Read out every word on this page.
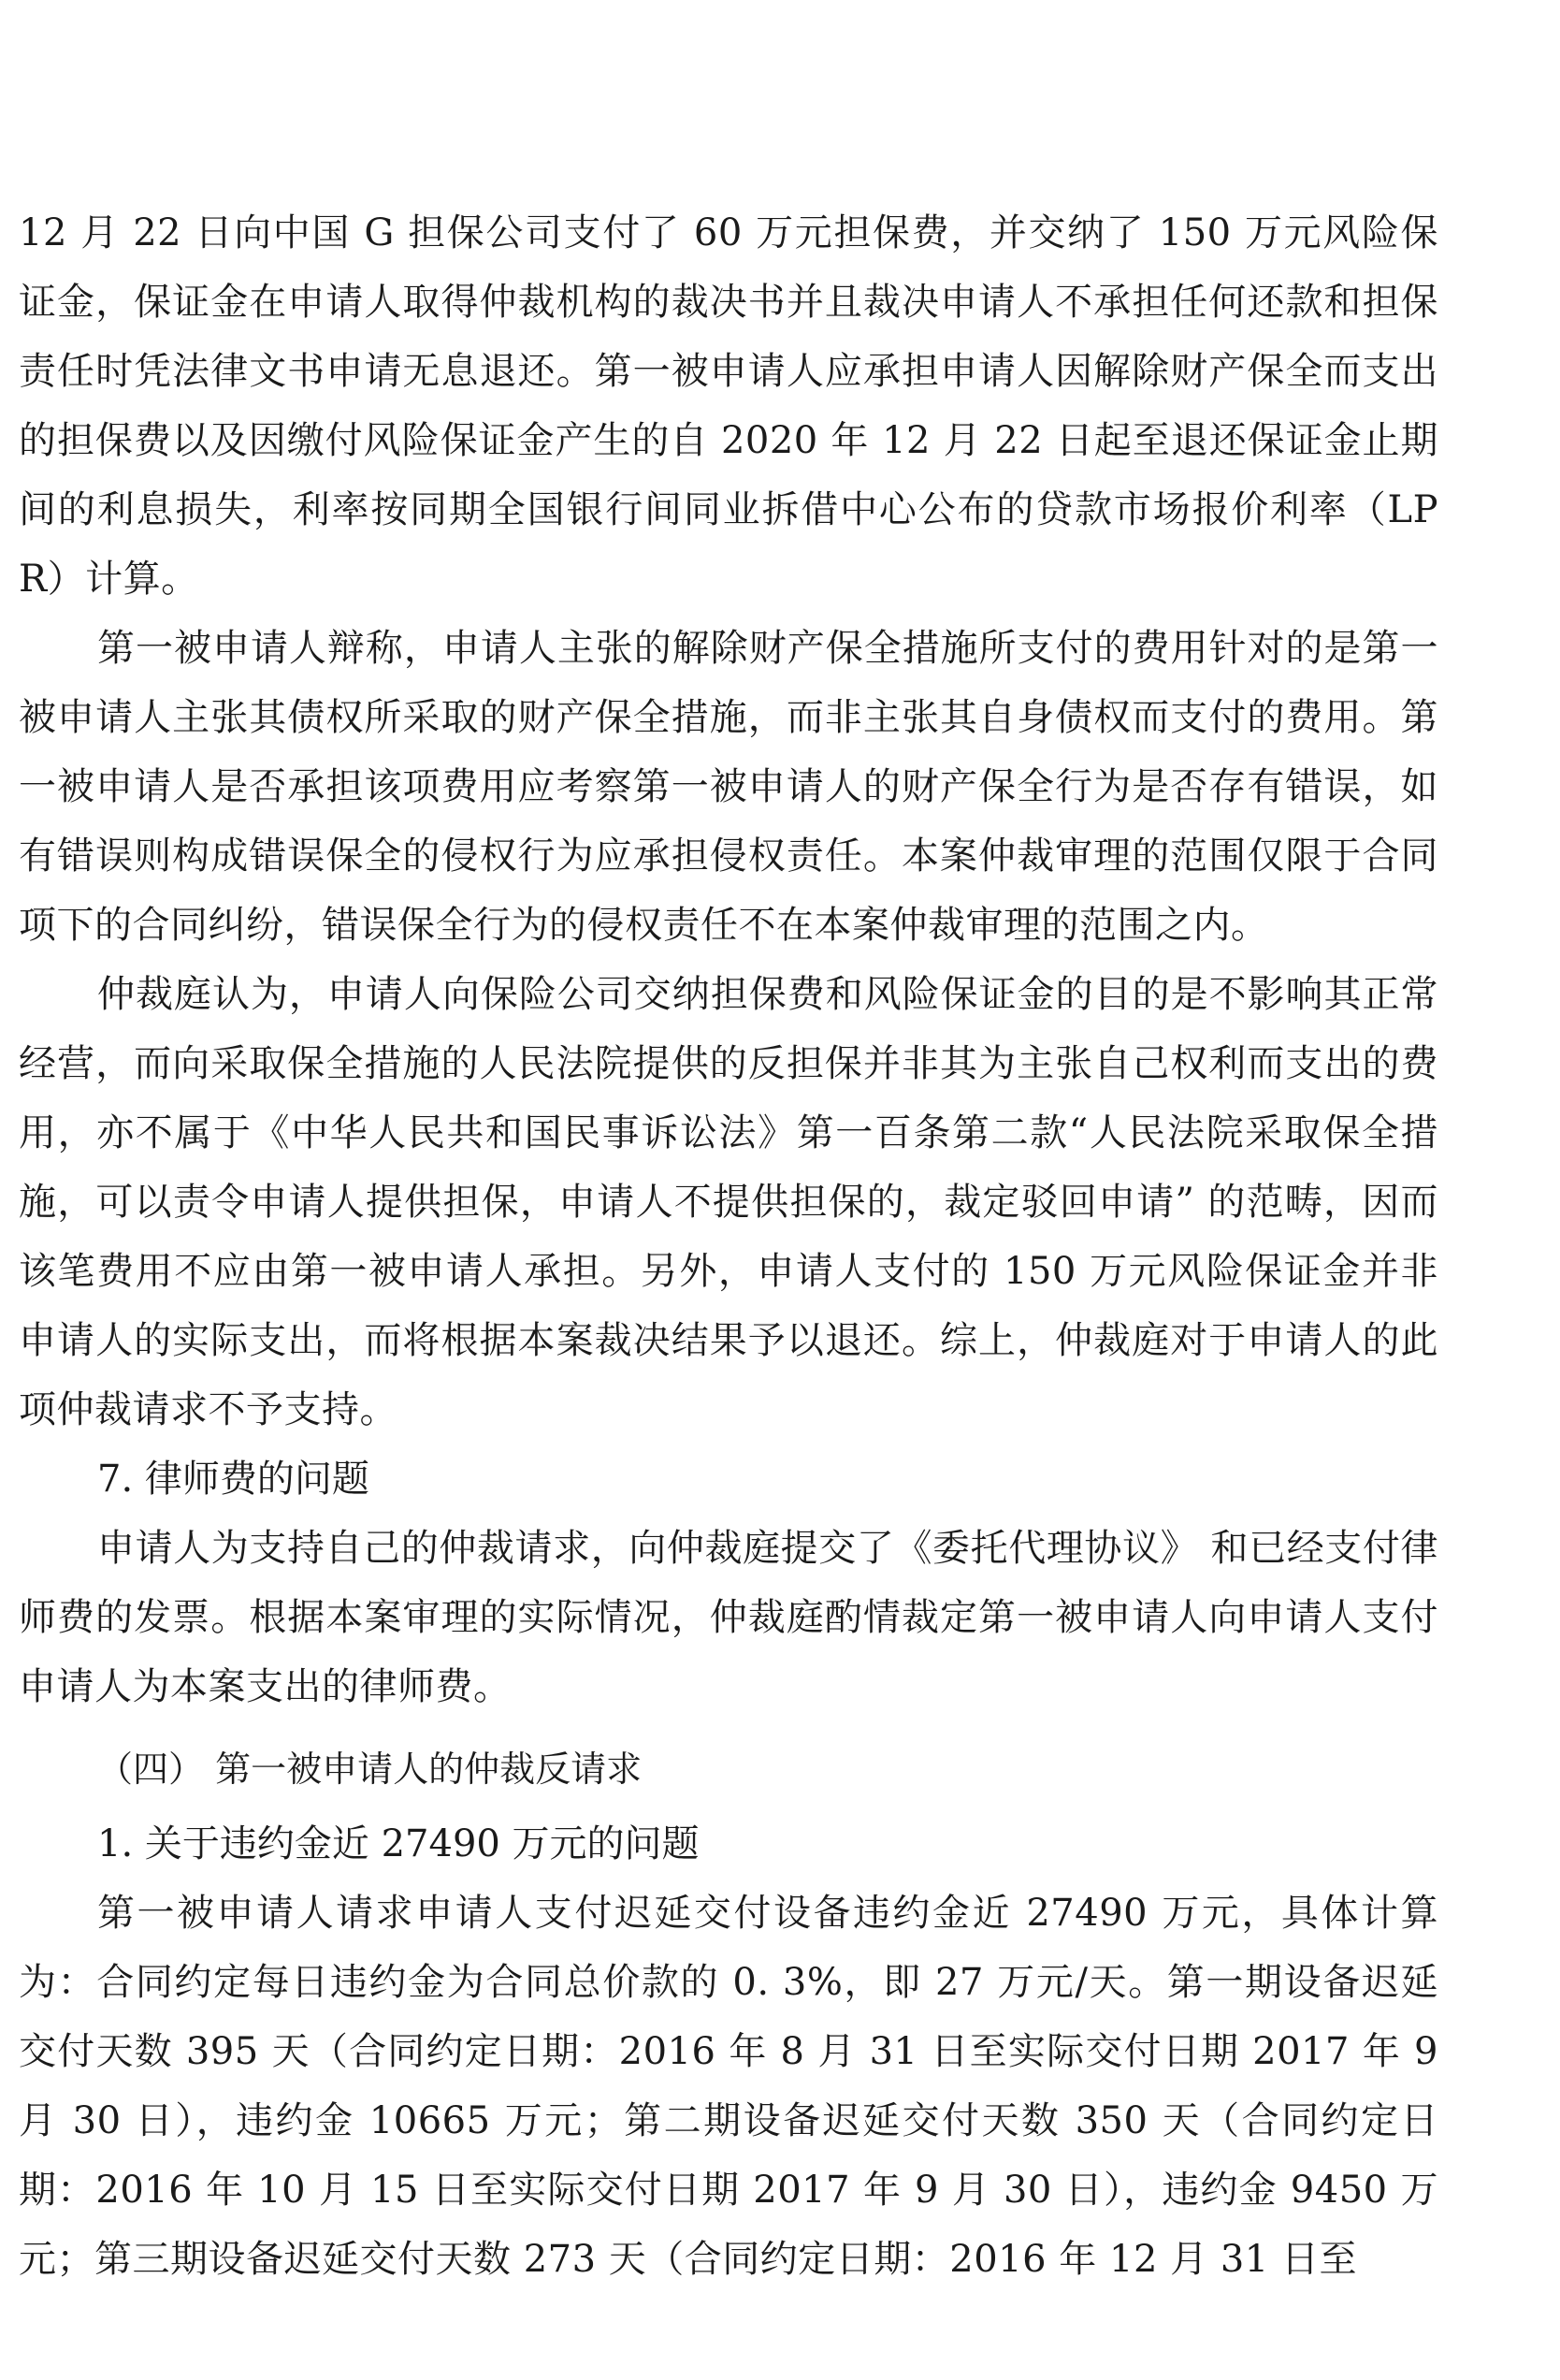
12 月 22 日向中国 G 担保公司支付了 60 万元担保费，并交纳了 150 万元风险保证金，保证金在申请人取得仲裁机构的裁决书并且裁决申请人不承担任何还款和担保责任时凭法律文书申请无息退还。第一被申请人应承担申请人因解除财产保全而支出的担保费以及因缴付风险保证金产生的自 2020 年 12 月 22 日起至退还保证金止期间的利息损失，利率按同期全国银行间同业拆借中心公布的贷款市场报价利率（LPR）计算。

第一被申请人辩称，申请人主张的解除财产保全措施所支付的费用针对的是第一被申请人主张其债权所采取的财产保全措施，而非主张其自身债权而支付的费用。第一被申请人是否承担该项费用应考察第一被申请人的财产保全行为是否存有错误，如有错误则构成错误保全的侵权行为应承担侵权责任。本案仲裁审理的范围仅限于合同项下的合同纠纷，错误保全行为的侵权责任不在本案仲裁审理的范围之内。

仲裁庭认为，申请人向保险公司交纳担保费和风险保证金的目的是不影响其正常经营，而向采取保全措施的人民法院提供的反担保并非其为主张自己权利而支出的费用，亦不属于《中华人民共和国民事诉讼法》第一百条第二款“人民法院采取保全措施，可以责令申请人提供担保，申请人不提供担保的，裁定驳回申请” 的范畴，因而该笔费用不应由第一被申请人承担。另外，申请人支付的 150 万元风险保证金并非申请人的实际支出，而将根据本案裁决结果予以退还。综上，仲裁庭对于申请人的此项仲裁请求不予支持。

7. 律师费的问题

申请人为支持自己的仲裁请求，向仲裁庭提交了《委托代理协议》 和已经支付律师费的发票。根据本案审理的实际情况，仲裁庭酌情裁定第一被申请人向申请人支付申请人为本案支出的律师费。

（四） 第一被申请人的仲裁反请求

1. 关于违约金近 27490 万元的问题

第一被申请人请求申请人支付迟延交付设备违约金近 27490 万元，具体计算为：合同约定每日违约金为合同总价款的 0. 3%，即 27 万元/天。第一期设备迟延交付天数 395 天（合同约定日期：2016 年 8 月 31 日至实际交付日期 2017 年 9 月 30 日），违约金 10665 万元；第二期设备迟延交付天数 350 天（合同约定日期：2016 年 10 月 15 日至实际交付日期 2017 年 9 月 30 日），违约金 9450 万元；第三期设备迟延交付天数 273 天（合同约定日期：2016 年 12 月 31 日至
